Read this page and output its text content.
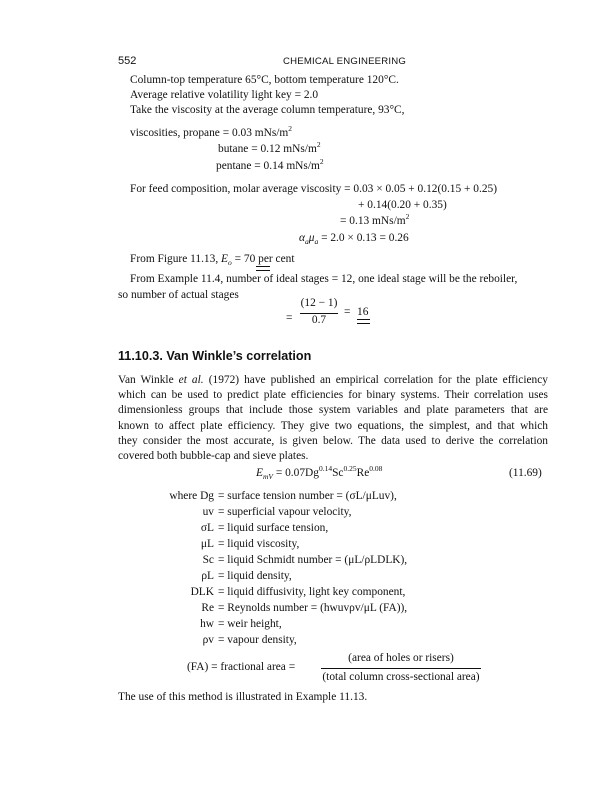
552	CHEMICAL ENGINEERING
Column-top temperature 65°C, bottom temperature 120°C.
Average relative volatility light key = 2.0
Take the viscosity at the average column temperature, 93°C,
viscosities, propane = 0.03 mNs/$m^2$
butane = 0.12 mNs/$m^2$
pentane = 0.14 mNs/$m^2$
For feed composition, molar average viscosity = 0.03 × 0.05 + 0.12(0.15 + 0.25)
+ 0.14(0.20 + 0.35)
= 0.13 mNs/$m^2$
$\alpha_a\mu_a = 2.0 \times 0.13 = 0.26$
From Figure 11.13, $E_o = 70$ per cent
From Example 11.4, number of ideal stages = 12, one ideal stage will be the reboiler,
so number of actual stages
=
(12 − 1)
0.7
= 16
11.10.3. Van Winkle’s correlation
Van Winkle et al. (1972) have published an empirical correlation for the plate efficiency
which can be used to predict plate efficiencies for binary systems. Their correlation uses
dimensionless groups that include those system variables and plate parameters that are
known to affect plate efficiency. They give two equations, the simplest, and that which
they consider the most accurate, is given below. The data used to derive the correlation
covered both bubble-cap and sieve plates.
$E_{mV} = 0.07Dg^{0.14}Sc^{0.25}Re^{0.08}$	(11.69)
where Dg = surface tension number = (σL/μLuv),
uv = superficial vapour velocity,
σL = liquid surface tension,
μL = liquid viscosity,
Sc = liquid Schmidt number = (μL/ρLDLK),
ρL = liquid density,
DLK = liquid diffusivity, light key component,
Re = Reynolds number = (hwuvρv/μL (FA)),
hw = weir height,
ρv = vapour density,
(FA) = fractional area =
(area of holes or risers)
(total column cross-sectional area)
The use of this method is illustrated in Example 11.13.
